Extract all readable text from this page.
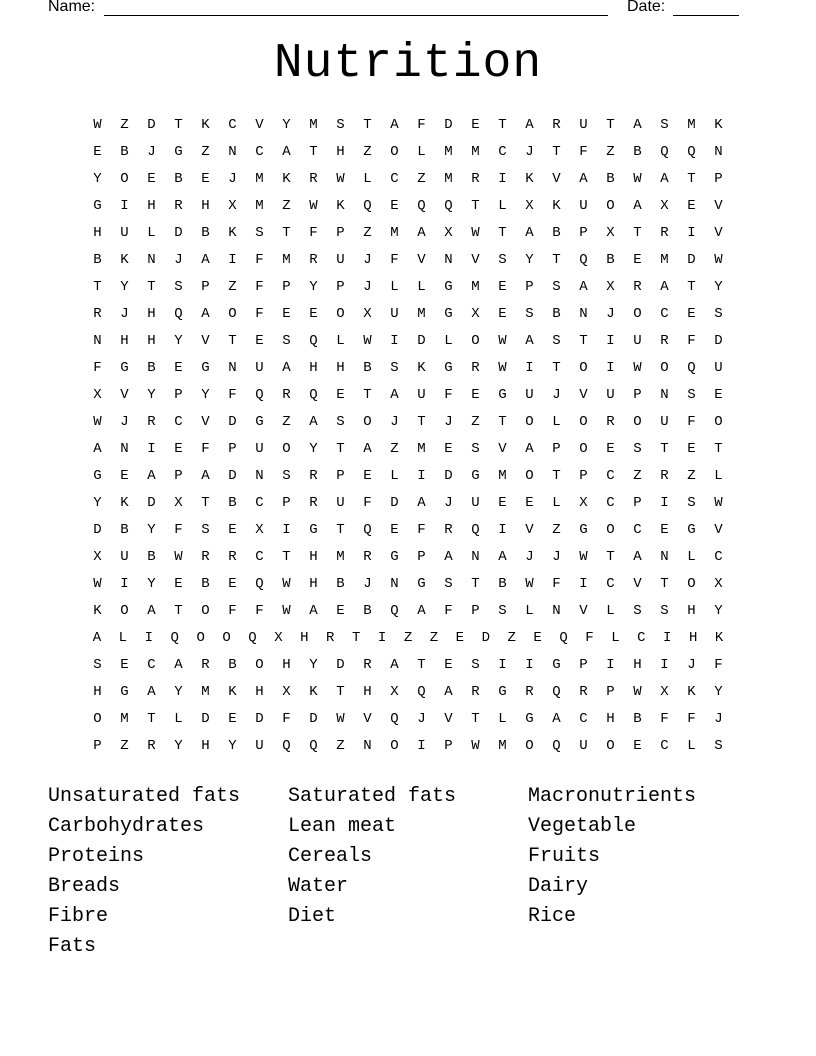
Name:

	Date:

Nutrition
W	Z	D	T	K	C	V	Y	M	S	T	A	F	D	E	T	A	R	U	T	A	S	M	K
E	B	J	G	Z	N	C	A	T	H	Z	O	L	M	M	C	J	T	F	Z	B	Q	Q	N
Y	O	E	B	E	J	M	K	R	W	L	C	Z	M	R	I	K	V	A	B	W	A	T	P
G	I	H	R	H	X	M	Z	W	K	Q	E	Q	Q	T	L	X	K	U	O	A	X	E	V
H	U	L	D	B	K	S	T	F	P	Z	M	A	X	W	T	A	B	P	X	T	R	I	V
B	K	N	J	A	I	F	M	R	U	J	F	V	N	V	S	Y	T	Q	B	E	M	D	W
T	Y	T	S	P	Z	F	P	Y	P	J	L	L	G	M	E	P	S	A	X	R	A	T	Y
R	J	H	Q	A	O	F	E	E	O	X	U	M	G	X	E	S	B	N	J	O	C	E	S
N	H	H	Y	V	T	E	S	Q	L	W	I	D	L	O	W	A	S	T	I	U	R	F	D
F	G	B	E	G	N	U	A	H	H	B	S	K	G	R	W	I	T	O	I	W	O	Q	U
X	V	Y	P	Y	F	Q	R	Q	E	T	A	U	F	E	G	U	J	V	U	P	N	S	E
W	J	R	C	V	D	G	Z	A	S	O	J	T	J	Z	T	O	L	O	R	O	U	F	O
A	N	I	E	F	P	U	O	Y	T	A	Z	M	E	S	V	A	P	O	E	S	T	E	T
G	E	A	P	A	D	N	S	R	P	E	L	I	D	G	M	O	T	P	C	Z	R	Z	L
Y	K	D	X	T	B	C	P	R	U	F	D	A	J	U	E	E	L	X	C	P	I	S	W
D	B	Y	F	S	E	X	I	G	T	Q	E	F	R	Q	I	V	Z	G	O	C	E	G	V
X	U	B	W	R	R	C	T	H	M	R	G	P	A	N	A	J	J	W	T	A	N	L	C
W	I	Y	E	B	E	Q	W	H	B	J	N	G	S	T	B	W	F	I	C	V	T	O	X
K	O	A	T	O	F	F	W	A	E	B	Q	A	F	P	S	L	N	V	L	S	S	H	Y
A	L	I	Q	O	O	Q	X	H	R	T	I	Z	Z	E	D	Z	E	Q	F	L	C	I	H	K
S	E	C	A	R	B	O	H	Y	D	R	A	T	E	S	I	I	G	P	I	H	I	J	F
H	G	A	Y	M	K	H	X	K	T	H	X	Q	A	R	G	R	Q	R	P	W	X	K	Y
O	M	T	L	D	E	D	F	D	W	V	Q	J	V	T	L	G	A	C	H	B	F	F	J
P	Z	R	Y	H	Y	U	Q	Q	Z	N	O	I	P	W	M	O	Q	U	O	E	C	L	S
Unsaturated fats	Saturated fats	Macronutrients
Carbohydrates	Lean meat	Vegetable
Proteins	Cereals	Fruits
Breads	Water	Dairy
Fibre	Diet	Rice
Fats
